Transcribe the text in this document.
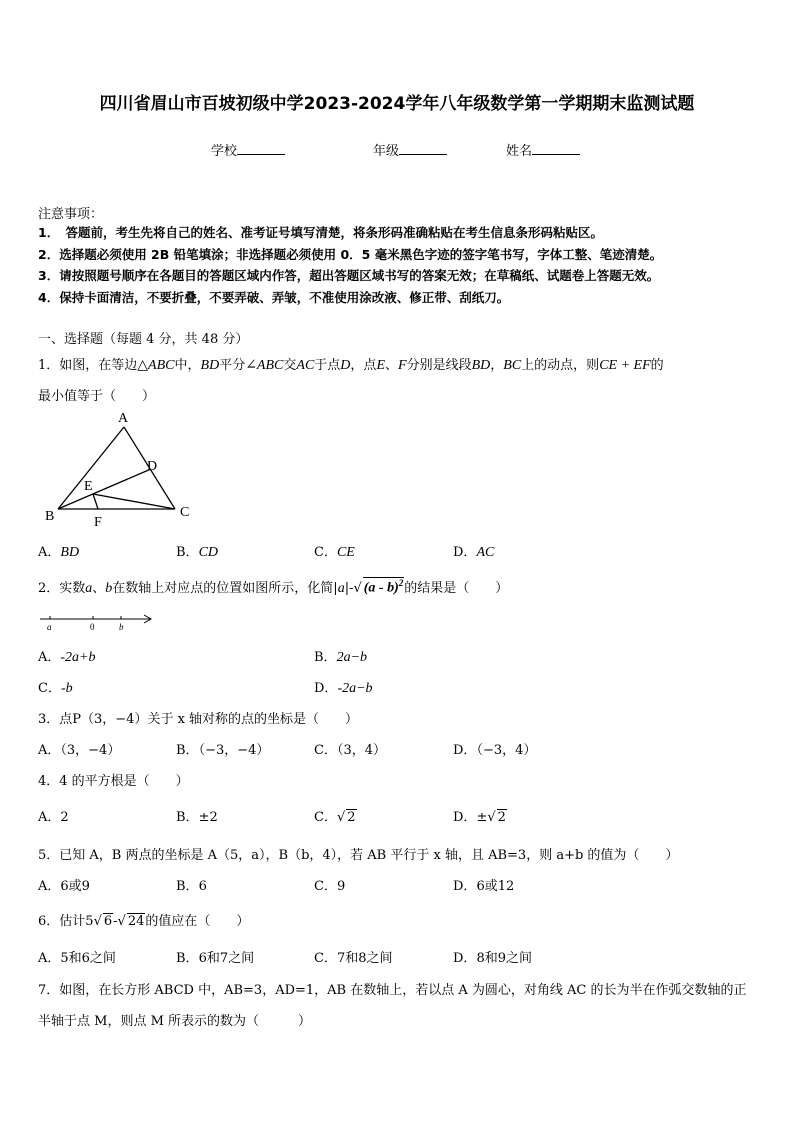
四川省眉山市百坡初级中学2023-2024学年八年级数学第一学期期末监测试题
学校	年级	姓名
注意事项：
1．　答题前，考生先将自己的姓名、准考证号填写清楚，将条形码准确粘贴在考生信息条形码粘贴区。
2．选择题必须使用 2B 铅笔填涂；非选择题必须使用 0．5 毫米黑色字迹的签字笔书写，字体工整、笔迹清楚。
3．请按照题号顺序在各题目的答题区域内作答，超出答题区域书写的答案无效；在草稿纸、试题卷上答题无效。
4．保持卡面清洁，不要折叠，不要弄破、弄皱，不准使用涂改液、修正带、刮纸刀。
一、选择题（每题 4 分，共 48 分）
1．如图，在等边△ABC中，BD平分∠ABC交AC于点D，点E、F分别是线段BD，BC上的动点，则CE + EF的
最小值等于（　　）
A
B	C
D
E
F
A．BD	B．CD	C．CE	D．AC
2．实数a、b在数轴上对应点的位置如图所示，化简|a|-√ (a - b)$^2$的结果是（　　）
a	0	b
A．-2a+b	B．2a−b
C．-b	D．-2a−b
3．点P（3，−4）关于 x 轴对称的点的坐标是（　　）
A．（3，−4）	B．（−3，−4）	C．（3，4）	D．（−3，4）
4．4 的平方根是（　　）
A．2	B．±2	C．√ 2	D．±√ 2
5．已知 A，B 两点的坐标是 A（5，a），B（b，4），若 AB 平行于 x 轴，且 AB=3，则 a+b 的值为（　　）
A．6或9	B．6	C．9	D．6或12
6．估计5√ 6-√ 24的值应在（　　）
A．5和6之间	B．6和7之间	C．7和8之间	D．8和9之间
7．如图，在长方形 ABCD 中，AB=3，AD=1，AB 在数轴上，若以点 A 为圆心，对角线 AC 的长为半在作弧交数轴的正
半轴于点 M，则点 M 所表示的数为（　　　）
